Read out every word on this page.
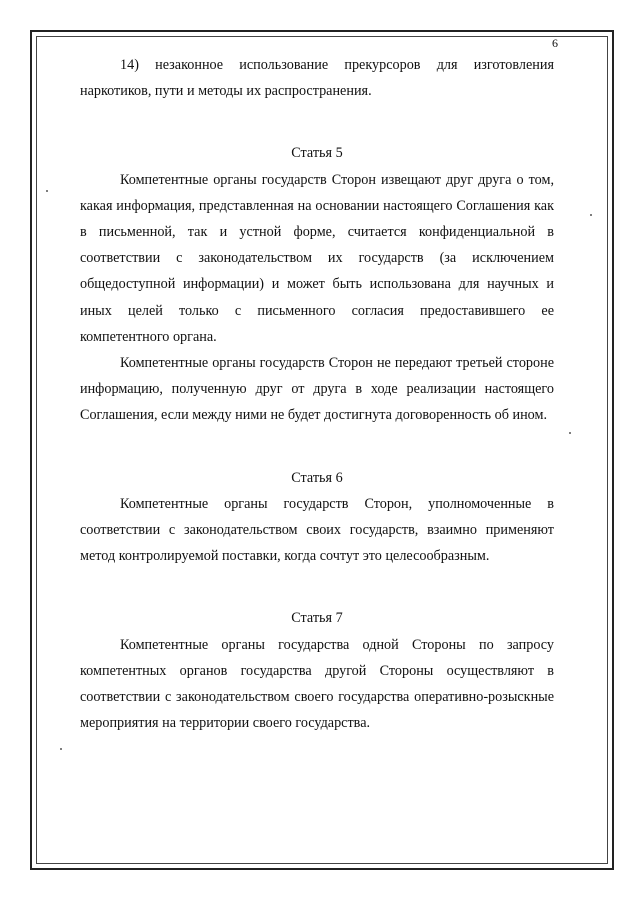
6

14) незаконное использование прекурсоров для изготовления наркотиков, пути и методы их распространения.

Статья 5

Компетентные органы государств Сторон извещают друг друга о том, какая информация, представленная на основании настоящего Соглашения как в письменной, так и устной форме, считается конфиденциальной в соответствии с законодательством их государств (за исключением общедоступной информации) и может быть использована для научных и иных целей только с письменного согласия предоставившего ее компетентного органа.

Компетентные органы государств Сторон не передают третьей стороне информацию, полученную друг от друга в ходе реализации настоящего Соглашения, если между ними не будет достигнута договоренность об ином.

Статья 6

Компетентные органы государств Сторон, уполномоченные в соответствии с законодательством своих государств, взаимно применяют метод контролируемой поставки, когда сочтут это целесообразным.

Статья 7

Компетентные органы государства одной Стороны по запросу компетентных органов государства другой Стороны осуществляют в соответствии с законодательством своего государства оперативно-розыскные мероприятия на территории своего государства.
